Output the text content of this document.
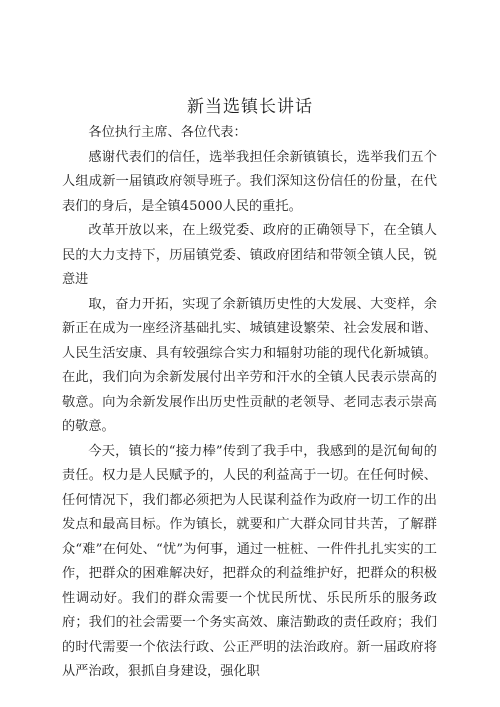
新当选镇长讲话

各位执行主席、各位代表：

感谢代表们的信任，选举我担任余新镇镇长，选举我们五个人组成新一届镇政府领导班子。我们深知这份信任的份量，在代表们的身后，是全镇45000人民的重托。

改革开放以来，在上级党委、政府的正确领导下，在全镇人民的大力支持下，历届镇党委、镇政府团结和带领全镇人民，锐意进

取，奋力开拓，实现了余新镇历史性的大发展、大变样，余新正在成为一座经济基础扎实、城镇建设繁荣、社会发展和谐、人民生活安康、具有较强综合实力和辐射功能的现代化新城镇。在此，我们向为余新发展付出辛劳和汗水的全镇人民表示崇高的敬意。向为余新发展作出历史性贡献的老领导、老同志表示崇高的敬意。

今天，镇长的“接力棒”传到了我手中，我感到的是沉甸甸的责任。权力是人民赋予的，人民的利益高于一切。在任何时候、任何情况下，我们都必须把为人民谋利益作为政府一切工作的出发点和最高目标。作为镇长，就要和广大群众同甘共苦，了解群众“难”在何处、“忧”为何事，通过一桩桩、一件件扎扎实实的工作，把群众的困难解决好，把群众的利益维护好，把群众的积极性调动好。我们的群众需要一个忧民所忧、乐民所乐的服务政府；我们的社会需要一个务实高效、廉洁勤政的责任政府；我们的时代需要一个依法行政、公正严明的法治政府。新一届政府将从严治政，狠抓自身建设，强化职
